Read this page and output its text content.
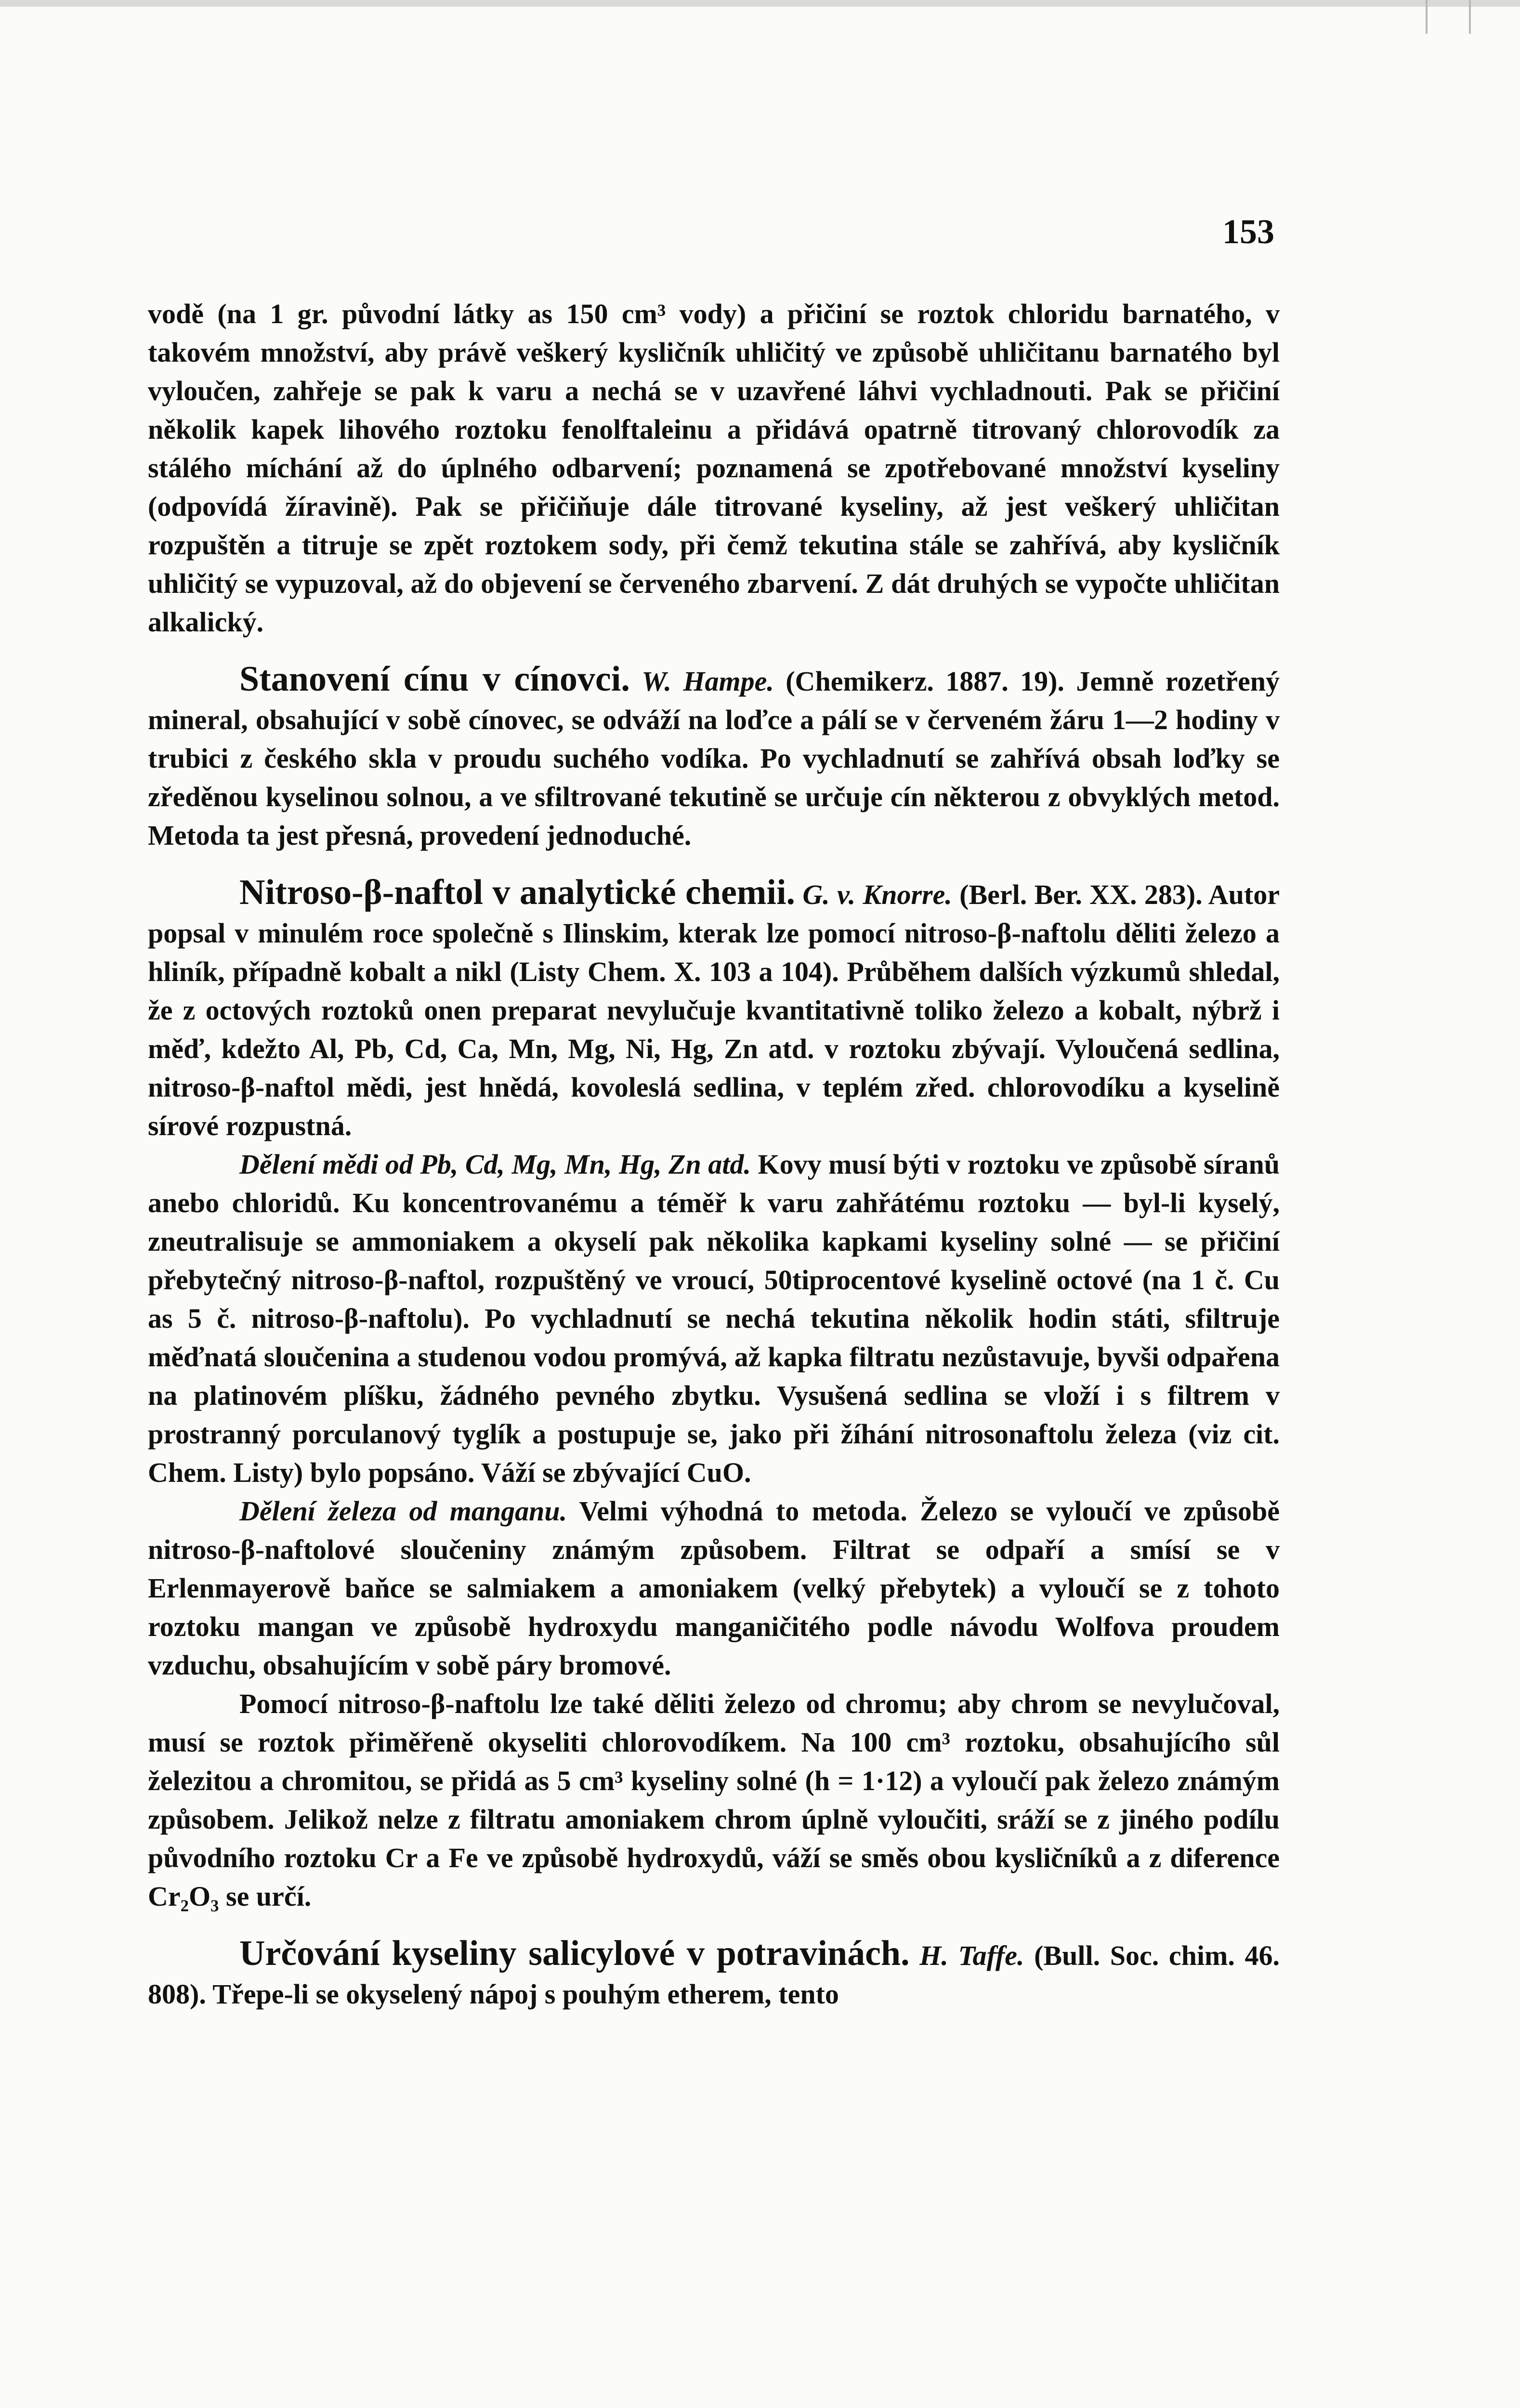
153

vodě (na 1 gr. původní látky as 150 cm³ vody) a přičiní se roztok chloridu barnatého, v takovém množství, aby právě veškerý kysličník uhličitý ve způsobě uhličitanu barnatého byl vyloučen, zahřeje se pak k varu a nechá se v uzavřené láhvi vychladnouti. Pak se přičiní několik kapek lihového roztoku fenolftaleinu a přidává opatrně titrovaný chlorovodík za stálého míchání až do úplného odbarvení; poznamená se zpotřebované množství kyseliny (odpovídá žíravině). Pak se přičiňuje dále titrované kyseliny, až jest veškerý uhličitan rozpuštěn a titruje se zpět roztokem sody, při čemž tekutina stále se zahřívá, aby kysličník uhličitý se vypuzoval, až do objevení se červeného zbarvení. Z dát druhých se vypočte uhličitan alkalický.

Stanovení cínu v cínovci. W. Hampe. (Chemikerz. 1887. 19). Jemně rozetřený mineral, obsahující v sobě cínovec, se odváží na loďce a pálí se v červeném žáru 1—2 hodiny v trubici z českého skla v proudu suchého vodíka. Po vychladnutí se zahřívá obsah loďky se zředěnou kyselinou solnou, a ve sfiltrované tekutině se určuje cín některou z obvyklých metod. Metoda ta jest přesná, provedení jednoduché.

Nitroso-β-naftol v analytické chemii. G. v. Knorre. (Berl. Ber. XX. 283). Autor popsal v minulém roce společně s Ilinskim, kterak lze pomocí nitroso-β-naftolu děliti železo a hliník, případně kobalt a nikl (Listy Chem. X. 103 a 104). Průběhem dalších výzkumů shledal, že z octových roztoků onen preparat nevylučuje kvantitativně toliko železo a kobalt, nýbrž i měď, kdežto Al, Pb, Cd, Ca, Mn, Mg, Ni, Hg, Zn atd. v roztoku zbývají. Vyloučená sedlina, nitroso-β-naftol mědi, jest hnědá, kovoleslá sedlina, v teplém zřed. chlorovodíku a kyselině sírové rozpustná.

Dělení mědi od Pb, Cd, Mg, Mn, Hg, Zn atd. Kovy musí býti v roztoku ve způsobě síranů anebo chloridů. Ku koncentrovanému a téměř k varu zahřátému roztoku — byl-li kyselý, zneutralisuje se ammoniakem a okyselí pak několika kapkami kyseliny solné — se přičiní přebytečný nitroso-β-naftol, rozpuštěný ve vroucí, 50tiprocentové kyselině octové (na 1 č. Cu as 5 č. nitroso-β-naftolu). Po vychladnutí se nechá tekutina několik hodin státi, sfiltruje měďnatá sloučenina a studenou vodou promývá, až kapka filtratu nezůstavuje, byvši odpařena na platinovém plíšku, žádného pevného zbytku. Vysušená sedlina se vloží i s filtrem v prostranný porculanový tyglík a postupuje se, jako při žíhání nitrosonaftolu železa (viz cit. Chem. Listy) bylo popsáno. Váží se zbývající CuO.

Dělení železa od manganu. Velmi výhodná to metoda. Železo se vyloučí ve způsobě nitroso-β-naftolové sloučeniny známým způsobem. Filtrat se odpaří a smísí se v Erlenmayerově baňce se salmiakem a amoniakem (velký přebytek) a vyloučí se z tohoto roztoku mangan ve způsobě hydroxydu manganičitého podle návodu Wolfova proudem vzduchu, obsahujícím v sobě páry bromové.

Pomocí nitroso-β-naftolu lze také děliti železo od chromu; aby chrom se nevylučoval, musí se roztok přiměřeně okyseliti chlorovodíkem. Na 100 cm³ roztoku, obsahujícího sůl železitou a chromitou, se přidá as 5 cm³ kyseliny solné (h = 1·12) a vyloučí pak železo známým způsobem. Jelikož nelze z filtratu amoniakem chrom úplně vyloučiti, sráží se z jiného podílu původního roztoku Cr a Fe ve způsobě hydroxydů, váží se směs obou kysličníků a z diference Cr₂O₃ se určí.

Určování kyseliny salicylové v potravinách. H. Taffe. (Bull. Soc. chim. 46. 808). Třepe-li se okyselený nápoj s pouhým etherem, tento
